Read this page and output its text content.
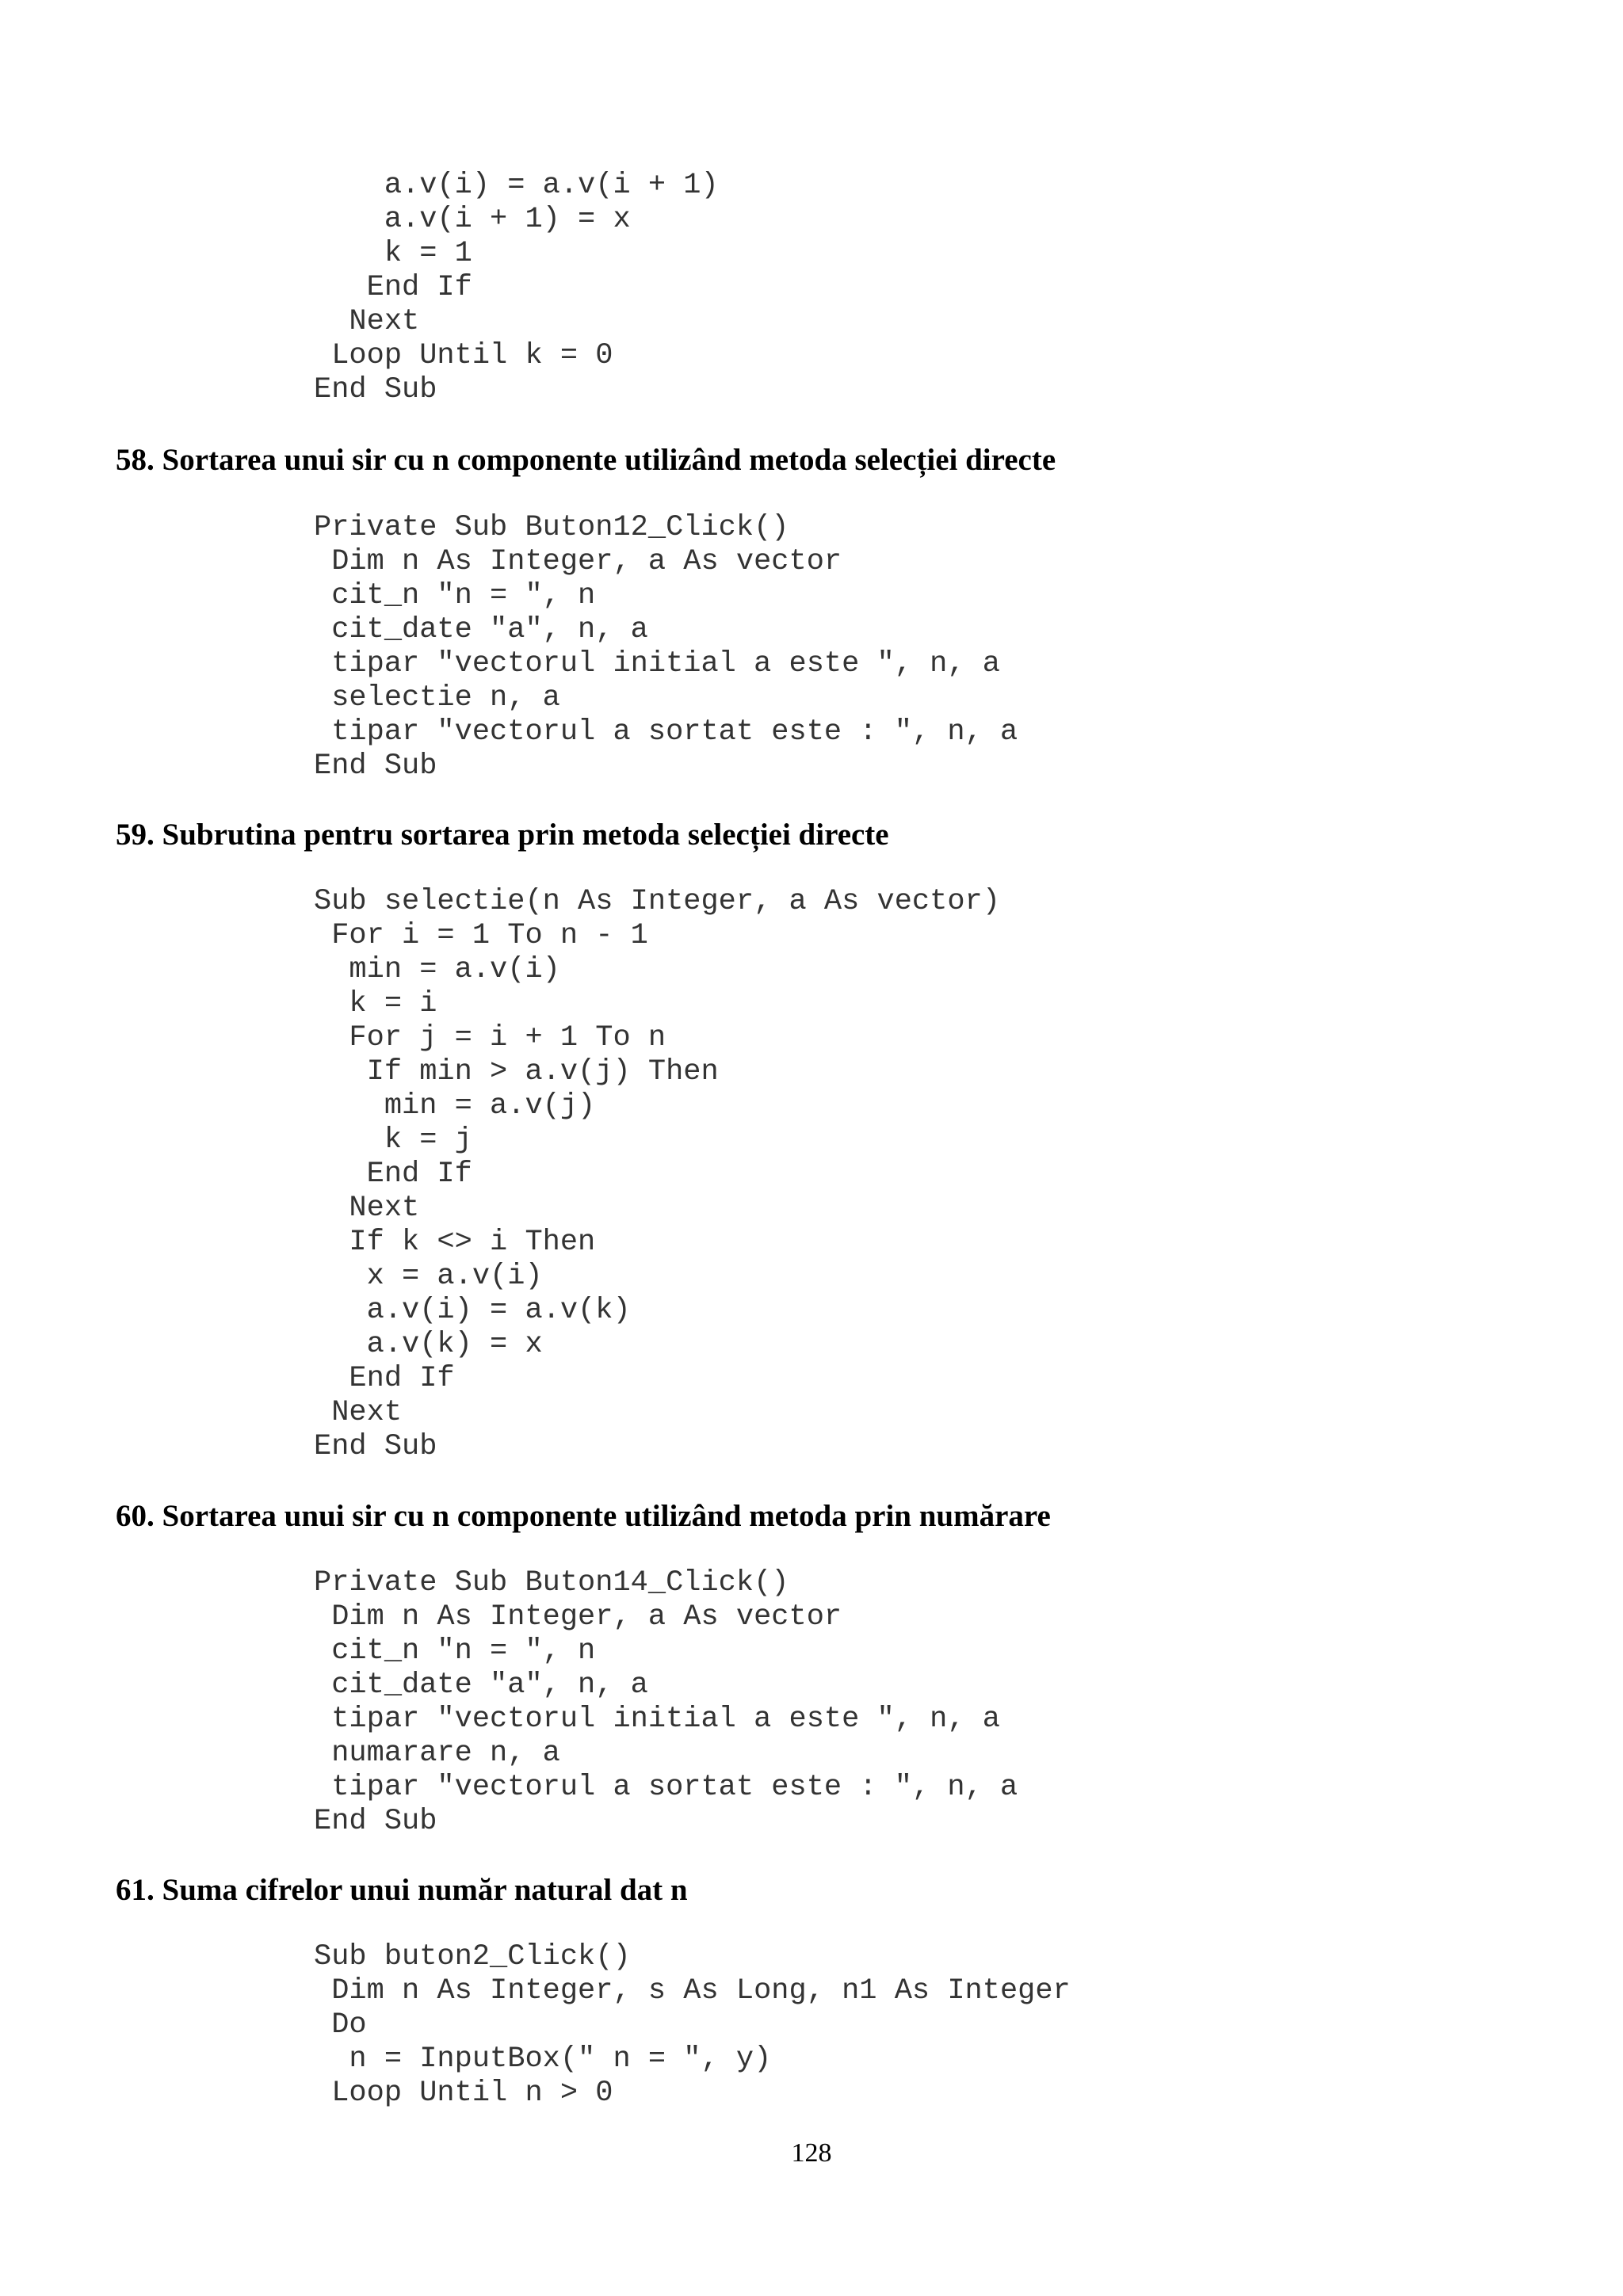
a.v(i) = a.v(i + 1)
a.v(i + 1) = x
k = 1
End If
Next
Loop Until k = 0
End Sub
58. Sortarea unui sir cu n componente utilizând metoda selecției directe
Private Sub Buton12_Click()
Dim n As Integer, a As vector
cit_n "n = ", n
cit_date "a", n, a
tipar "vectorul initial a este ", n, a
selectie n, a
tipar "vectorul a sortat este : ", n, a
End Sub
59. Subrutina pentru sortarea prin metoda selecției directe
Sub selectie(n As Integer, a As vector)
For i = 1 To n - 1
min = a.v(i)
k = i
For j = i + 1 To n
If min > a.v(j) Then
min = a.v(j)
k = j
End If
Next
If k <> i Then
x = a.v(i)
a.v(i) = a.v(k)
a.v(k) = x
End If
Next
End Sub
60. Sortarea unui sir cu n componente utilizând metoda prin numărare
Private Sub Buton14_Click()
Dim n As Integer, a As vector
cit_n "n = ", n
cit_date "a", n, a
tipar "vectorul initial a este ", n, a
numarare n, a
tipar "vectorul a sortat este : ", n, a
End Sub
61. Suma cifrelor unui număr natural dat n
Sub buton2_Click()
Dim n As Integer, s As Long, n1 As Integer
Do
n = InputBox(" n = ", y)
Loop Until n > 0
128
